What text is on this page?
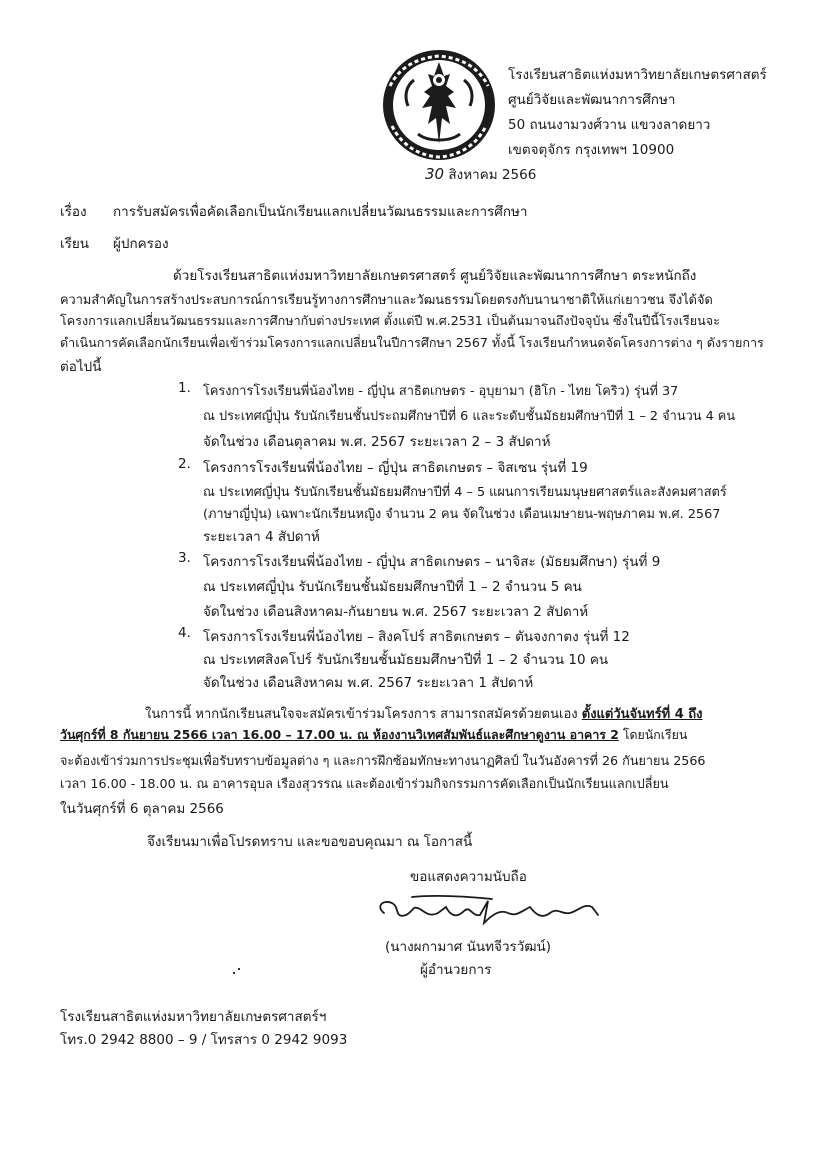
โรงเรียนสาธิตแห่งมหาวิทยาลัยเกษตรศาสตร์
ศูนย์วิจัยและพัฒนาการศึกษา
50 ถนนงามวงศ์วาน แขวงลาดยาว
เขตจตุจักร กรุงเทพฯ 10900
30 สิงหาคม 2566
เรื่อง การรับสมัครเพื่อคัดเลือกเป็นนักเรียนแลกเปลี่ยนวัฒนธรรมและการศึกษา
เรียน ผู้ปกครอง
ด้วยโรงเรียนสาธิตแห่งมหาวิทยาลัยเกษตรศาสตร์ ศูนย์วิจัยและพัฒนาการศึกษา ตระหนักถึง
ความสำคัญในการสร้างประสบการณ์การเรียนรู้ทางการศึกษาและวัฒนธรรมโดยตรงกับนานาชาติให้แก่เยาวชน จึงได้จัด
โครงการแลกเปลี่ยนวัฒนธรรมและการศึกษากับต่างประเทศ ตั้งแต่ปี พ.ศ.2531 เป็นต้นมาจนถึงปัจจุบัน ซึ่งในปีนี้โรงเรียนจะ
ดำเนินการคัดเลือกนักเรียนเพื่อเข้าร่วมโครงการแลกเปลี่ยนในปีการศึกษา 2567 ทั้งนี้ โรงเรียนกำหนดจัดโครงการต่าง ๆ ดังรายการ
ต่อไปนี้
1. โครงการโรงเรียนพี่น้องไทย - ญี่ปุ่น สาธิตเกษตร - อุบุยามา (ฮิโก - ไทย โคริว) รุ่นที่ 37
ณ ประเทศญี่ปุ่น รับนักเรียนชั้นประถมศึกษาปีที่ 6 และระดับชั้นมัธยมศึกษาปีที่ 1 – 2 จำนวน 4 คน
จัดในช่วง เดือนตุลาคม พ.ศ. 2567 ระยะเวลา 2 – 3 สัปดาห์
2. โครงการโรงเรียนพี่น้องไทย – ญี่ปุ่น สาธิตเกษตร – จิสเซน รุ่นที่ 19
ณ ประเทศญี่ปุ่น รับนักเรียนชั้นมัธยมศึกษาปีที่ 4 – 5 แผนการเรียนมนุษยศาสตร์และสังคมศาสตร์
(ภาษาญี่ปุ่น) เฉพาะนักเรียนหญิง จำนวน 2 คน จัดในช่วง เดือนเมษายน-พฤษภาคม พ.ศ. 2567
ระยะเวลา 4 สัปดาห์
3. โครงการโรงเรียนพี่น้องไทย - ญี่ปุ่น สาธิตเกษตร – นาจิสะ (มัธยมศึกษา) รุ่นที่ 9
ณ ประเทศญี่ปุ่น รับนักเรียนชั้นมัธยมศึกษาปีที่ 1 – 2 จำนวน 5 คน
จัดในช่วง เดือนสิงหาคม-กันยายน พ.ศ. 2567 ระยะเวลา 2 สัปดาห์
4. โครงการโรงเรียนพี่น้องไทย – สิงคโปร์ สาธิตเกษตร – ตันจงกาตง รุ่นที่ 12
ณ ประเทศสิงคโปร์ รับนักเรียนชั้นมัธยมศึกษาปีที่ 1 – 2 จำนวน 10 คน
จัดในช่วง เดือนสิงหาคม พ.ศ. 2567 ระยะเวลา 1 สัปดาห์
ในการนี้ หากนักเรียนสนใจจะสมัครเข้าร่วมโครงการ สามารถสมัครด้วยตนเอง ตั้งแต่วันจันทร์ที่ 4 ถึง
วันศุกร์ที่ 8 กันยายน 2566 เวลา 16.00 – 17.00 น. ณ ห้องงานวิเทศสัมพันธ์และศึกษาดูงาน อาคาร 2 โดยนักเรียน
จะต้องเข้าร่วมการประชุมเพื่อรับทราบข้อมูลต่าง ๆ และการฝึกซ้อมทักษะทางนาฏศิลป์ ในวันอังคารที่ 26 กันยายน 2566
เวลา 16.00 - 18.00 น. ณ อาคารอุบล เรืองสุวรรณ และต้องเข้าร่วมกิจกรรมการคัดเลือกเป็นนักเรียนแลกเปลี่ยน
ในวันศุกร์ที่ 6 ตุลาคม 2566
จึงเรียนมาเพื่อโปรดทราบ และขอขอบคุณมา ณ โอกาสนี้
ขอแสดงความนับถือ
(นางผกามาศ นันทจีวรวัฒน์)
ผู้อำนวยการ
โรงเรียนสาธิตแห่งมหาวิทยาลัยเกษตรศาสตร์ฯ
โทร.0 2942 8800 – 9 / โทรสาร 0 2942 9093
